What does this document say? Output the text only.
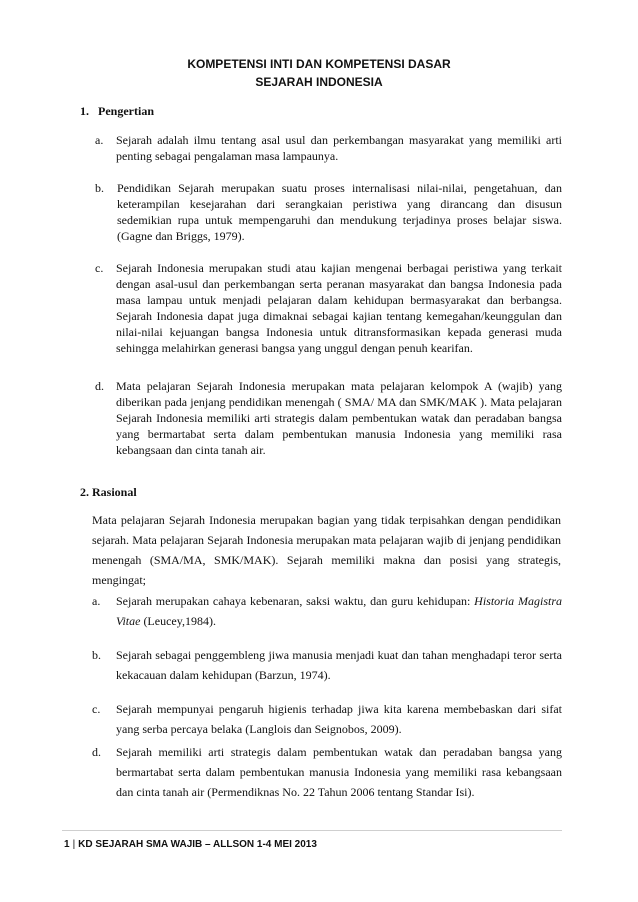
KOMPETENSI INTI DAN KOMPETENSI DASAR
SEJARAH INDONESIA
1. Pengertian
a. Sejarah adalah ilmu tentang asal usul dan perkembangan masyarakat yang memiliki arti penting sebagai pengalaman masa lampaunya.
b. Pendidikan Sejarah merupakan suatu proses internalisasi nilai-nilai, pengetahuan, dan keterampilan kesejarahan dari serangkaian peristiwa yang dirancang dan disusun sedemikian rupa untuk mempengaruhi dan mendukung terjadinya proses belajar siswa. (Gagne dan Briggs, 1979).
c. Sejarah Indonesia merupakan studi atau kajian mengenai berbagai peristiwa yang terkait dengan asal-usul dan perkembangan serta peranan masyarakat dan bangsa Indonesia pada masa lampau untuk menjadi pelajaran dalam kehidupan bermasyarakat dan berbangsa. Sejarah Indonesia dapat juga dimaknai sebagai kajian tentang kemegahan/keunggulan dan nilai-nilai kejuangan bangsa Indonesia untuk ditransformasikan kepada generasi muda sehingga melahirkan generasi bangsa yang unggul dengan penuh kearifan.
d. Mata pelajaran Sejarah Indonesia merupakan mata pelajaran kelompok A (wajib) yang diberikan pada jenjang pendidikan menengah ( SMA/ MA dan SMK/MAK ). Mata pelajaran Sejarah Indonesia memiliki arti strategis dalam pembentukan watak dan peradaban bangsa yang bermartabat serta dalam pembentukan manusia Indonesia yang memiliki rasa kebangsaan dan cinta tanah air.
2. Rasional
Mata pelajaran Sejarah Indonesia merupakan bagian yang tidak terpisahkan dengan pendidikan sejarah. Mata pelajaran Sejarah Indonesia merupakan mata pelajaran wajib di jenjang pendidikan menengah (SMA/MA, SMK/MAK). Sejarah memiliki makna dan posisi yang strategis, mengingat;
a. Sejarah merupakan cahaya kebenaran, saksi waktu, dan guru kehidupan: Historia Magistra Vitae (Leucey,1984).
b. Sejarah sebagai penggembleng jiwa manusia menjadi kuat dan tahan menghadapi teror serta kekacauan dalam kehidupan (Barzun, 1974).
c. Sejarah mempunyai pengaruh higienis terhadap jiwa kita karena membebaskan dari sifat yang serba percaya belaka (Langlois dan Seignobos, 2009).
d. Sejarah memiliki arti strategis dalam pembentukan watak dan peradaban bangsa yang bermartabat serta dalam pembentukan manusia Indonesia yang memiliki rasa kebangsaan dan cinta tanah air (Permendiknas No. 22 Tahun 2006 tentang Standar Isi).
1 | KD SEJARAH SMA WAJIB – ALLSON 1-4 MEI 2013
